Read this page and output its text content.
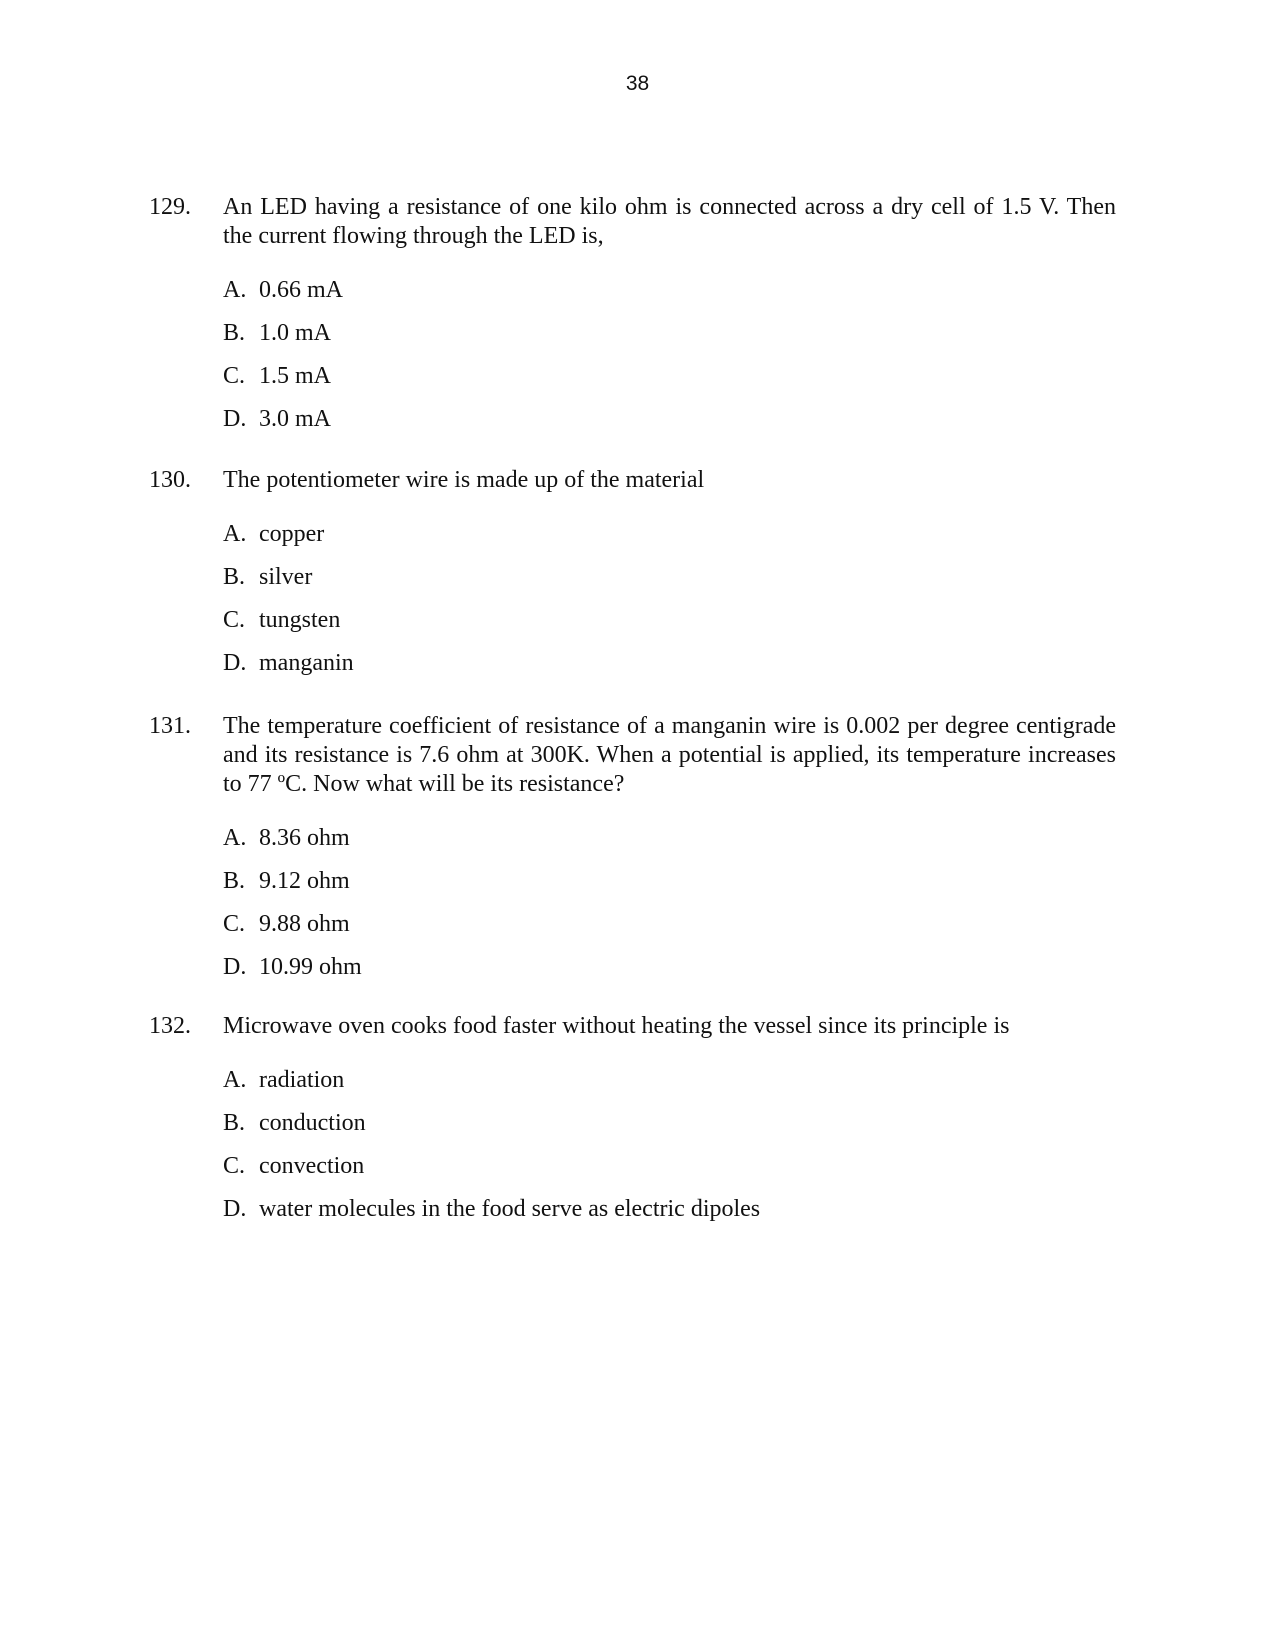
38
129. An LED having a resistance of one kilo ohm is connected across a dry cell of 1.5 V. Then the current flowing through the LED is,
A. 0.66 mA
B. 1.0 mA
C. 1.5 mA
D. 3.0 mA
130. The potentiometer wire is made up of the material
A. copper
B. silver
C. tungsten
D. manganin
131. The temperature coefficient of resistance of a manganin wire is 0.002 per degree centigrade and its resistance is 7.6 ohm at 300K. When a potential is applied, its temperature increases to 77 ºC. Now what will be its resistance?
A. 8.36 ohm
B. 9.12 ohm
C. 9.88 ohm
D. 10.99 ohm
132. Microwave oven cooks food faster without heating the vessel since its principle is
A. radiation
B. conduction
C. convection
D. water molecules in the food serve as electric dipoles
